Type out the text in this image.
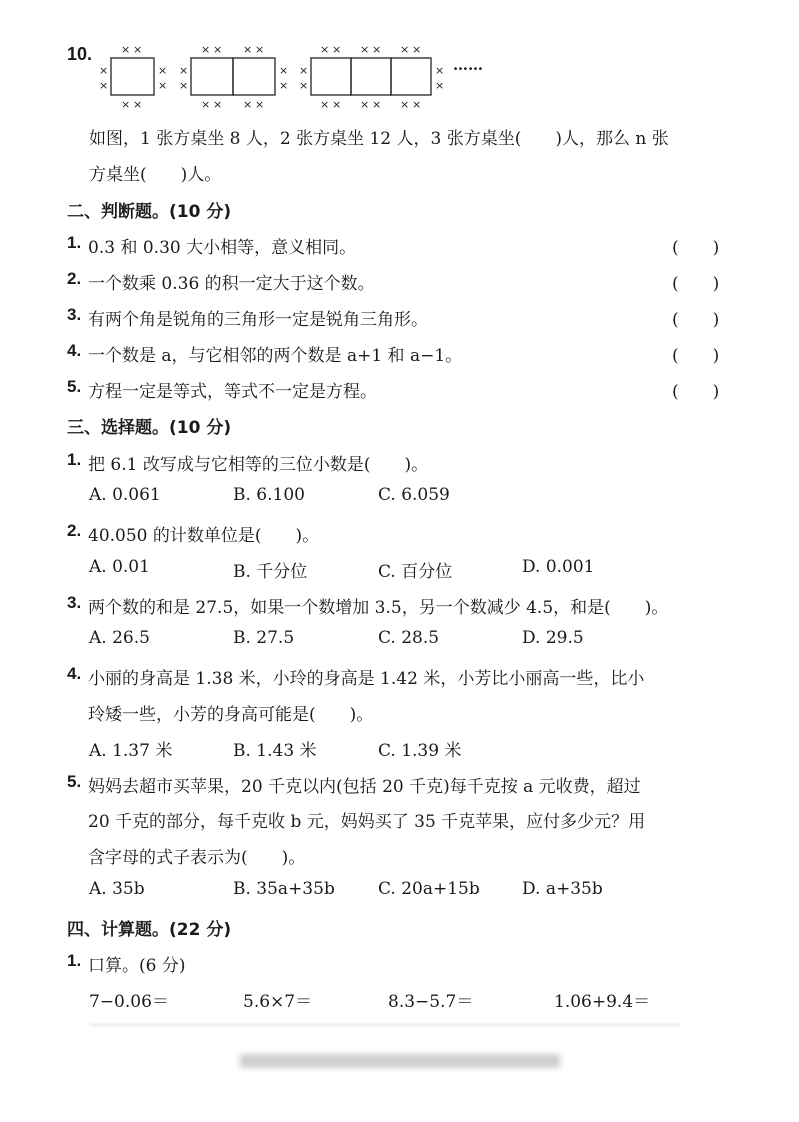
10.	× ×
× ×
×
×
×
×
× × × ×
× × × ×
×
×
×
×
× × × × × ×
× × × × × ×
×
×
×
×
……
如图，1 张方桌坐 8 人，2 张方桌坐 12 人，3 张方桌坐(　　)人，那么 n 张
方桌坐(　　)人。
二、判断题。(10 分)
1. 0.3 和 0.30 大小相等，意义相同。	(　　)
2. 一个数乘 0.36 的积一定大于这个数。	(　　)
3. 有两个角是锐角的三角形一定是锐角三角形。	(　　)
4. 一个数是 a，与它相邻的两个数是 a+1 和 a−1。	(　　)
5. 方程一定是等式，等式不一定是方程。	(　　)
三、选择题。(10 分)
1. 把 6.1 改写成与它相等的三位小数是(　　)。
A. 0.061	B. 6.100	C. 6.059
2. 40.050 的计数单位是(　　)。
A. 0.01	B. 千分位	C. 百分位	D. 0.001
3. 两个数的和是 27.5，如果一个数增加 3.5，另一个数减少 4.5，和是(　　)。
A. 26.5	B. 27.5	C. 28.5	D. 29.5
4. 小丽的身高是 1.38 米，小玲的身高是 1.42 米，小芳比小丽高一些，比小
玲矮一些，小芳的身高可能是(　　)。
A. 1.37 米	B. 1.43 米	C. 1.39 米
5. 妈妈去超市买苹果，20 千克以内(包括 20 千克)每千克按 a 元收费，超过
20 千克的部分，每千克收 b 元，妈妈买了 35 千克苹果，应付多少元？用
含字母的式子表示为(　　)。
A. 35b	B. 35a+35b	C. 20a+15b D. a+35b
四、计算题。(22 分)
1. 口算。(6 分)
7−0.06＝	5.6×7＝	8.3−5.7＝	1.06+9.4＝
